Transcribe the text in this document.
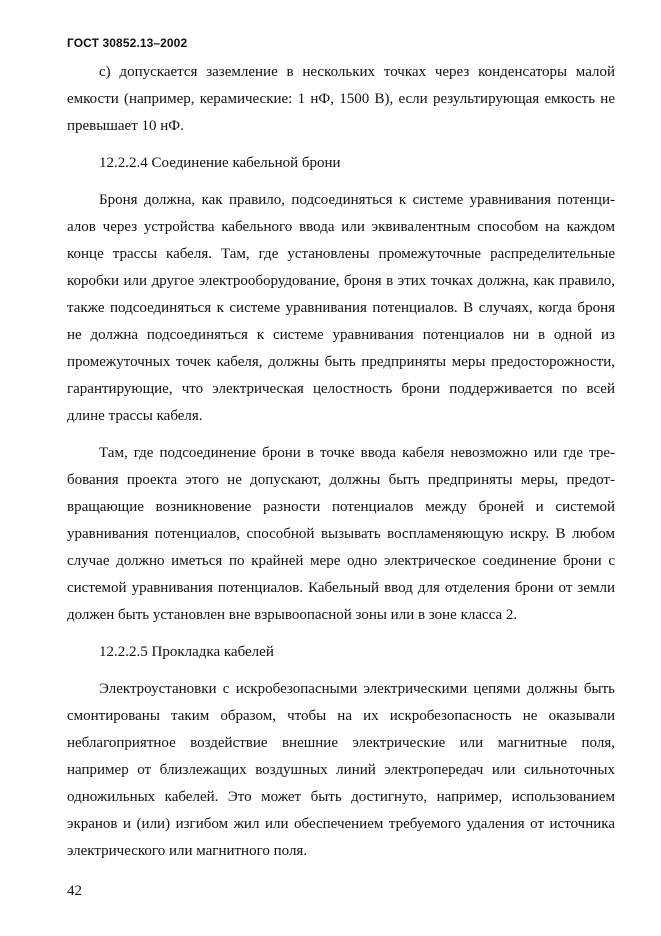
ГОСТ 30852.13–2002

с) допускается заземление в нескольких точках через конденсаторы малой емкости (например, керамические: 1 нФ, 1500 В), если результирующая емкость не превышает 10 нФ.

12.2.2.4 Соединение кабельной брони

Броня должна, как правило, подсоединяться к системе уравнивания потенциалов через устройства кабельного ввода или эквивалентным способом на каждом конце трассы кабеля. Там, где установлены промежуточные распределительные коробки или другое электрооборудование, броня в этих точках должна, как правило, также подсоединяться к системе уравнивания потенциалов. В случаях, когда броня не должна подсоединяться к системе уравнивания потенциалов ни в одной из промежуточных точек кабеля, должны быть предприняты меры предосторожности, гарантирующие, что электрическая целостность брони поддерживается по всей длине трассы кабеля.

Там, где подсоединение брони в точке ввода кабеля невозможно или где требования проекта этого не допускают, должны быть предприняты меры, предотвращающие возникновение разности потенциалов между броней и системой уравнивания потенциалов, способной вызывать воспламеняющую искру. В любом случае должно иметься по крайней мере одно электрическое соединение брони с системой уравнивания потенциалов. Кабельный ввод для отделения брони от земли должен быть установлен вне взрывоопасной зоны или в зоне класса 2.

12.2.2.5 Прокладка кабелей

Электроустановки с искробезопасными электрическими цепями должны быть смонтированы таким образом, чтобы на их искробезопасность не оказывали неблагоприятное воздействие внешние электрические или магнитные поля, например от близлежащих воздушных линий электропередач или сильноточных одножильных кабелей. Это может быть достигнуто, например, использованием экранов и (или) изгибом жил или обеспечением требуемого удаления от источника электрического или магнитного поля.

42
